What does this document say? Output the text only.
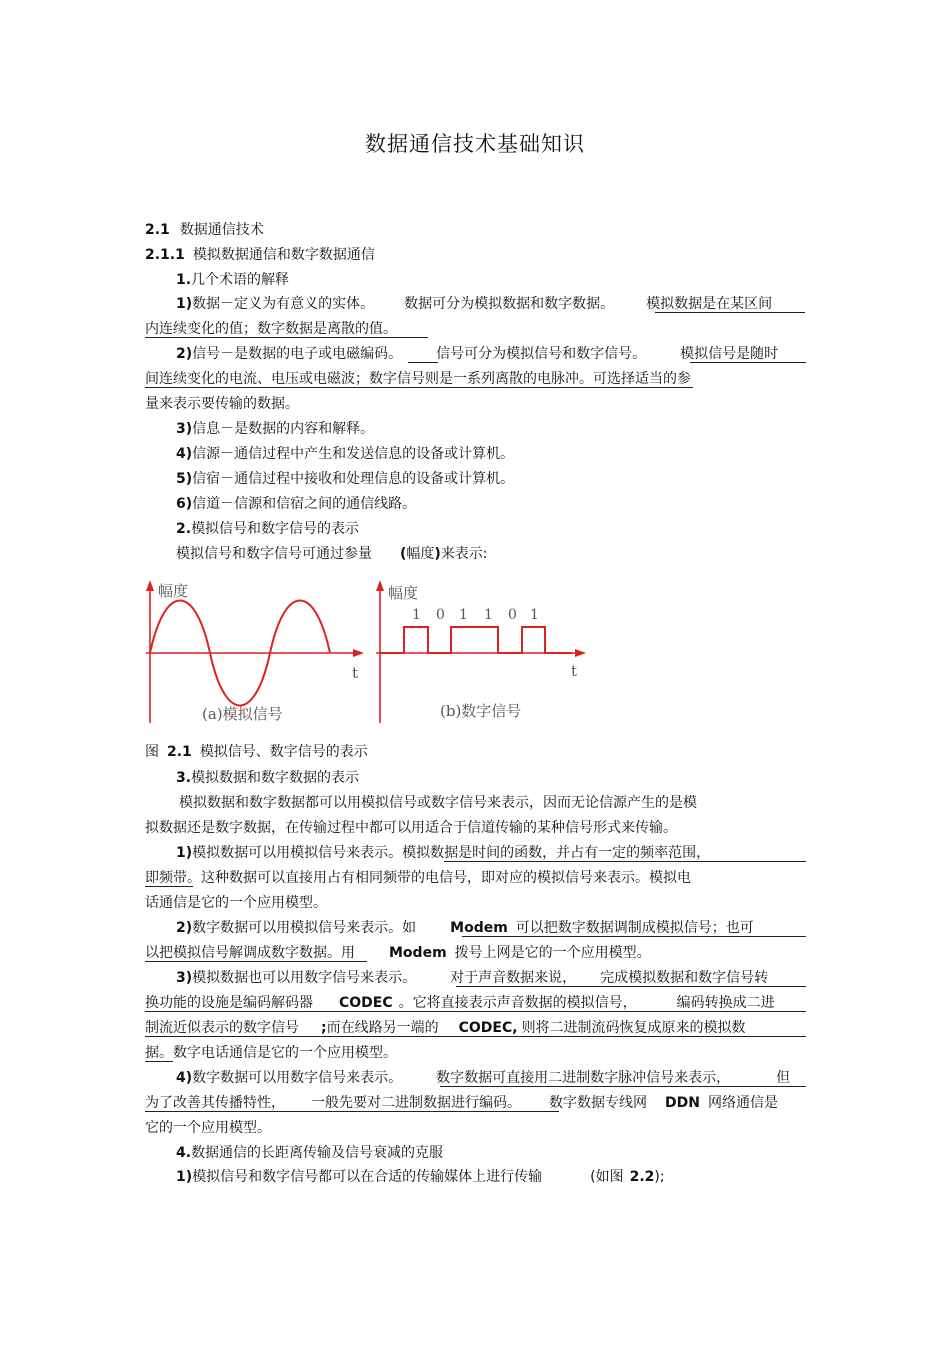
数据通信技术基础知识
2.1 数据通信技术
2.1.1 模拟数据通信和数字数据通信
1.几个术语的解释
1)数据－定义为有意义的实体。 数据可分为模拟数据和数字数据。 模拟数据是在某区间
内连续变化的值；数字数据是离散的值。
2)信号－是数据的电子或电磁编码。 信号可分为模拟信号和数字信号。 模拟信号是随时
间连续变化的电流、电压或电磁波；数字信号则是一系列离散的电脉冲。可选择适当的参
量来表示要传输的数据。
3)信息－是数据的内容和解释。
4)信源－通信过程中产生和发送信息的设备或计算机。
5)信宿－通信过程中接收和处理信息的设备或计算机。
6)信道－信源和信宿之间的通信线路。
2.模拟信号和数字信号的表示
模拟信号和数字信号可通过参量 (幅度)来表示:
幅度
t
(a)模拟信号
1 0 1 1 0 1
幅度
t
(b)数字信号
图 2.1 模拟信号、数字信号的表示
3.模拟数据和数字数据的表示
模拟数据和数字数据都可以用模拟信号或数字信号来表示，因而无论信源产生的是模
拟数据还是数字数据，在传输过程中都可以用适合于信道传输的某种信号形式来传输。
1)模拟数据可以用模拟信号来表示。模拟数据是时间的函数，并占有一定的频率范围，
即频带。这种数据可以直接用占有相同频带的电信号，即对应的模拟信号来表示。模拟电
话通信是它的一个应用模型。
2)数字数据可以用模拟信号来表示。如 Modem 可以把数字数据调制成模拟信号；也可
以把模拟信号解调成数字数据。用 Modem 拨号上网是它的一个应用模型。
3)模拟数据也可以用数字信号来表示。 对于声音数据来说， 完成模拟数据和数字信号转
换功能的设施是编码解码器 CODEC 。它将直接表示声音数据的模拟信号，	编码转换成二进
制流近似表示的数字信号 ;而在线路另一端的 CODEC, 则将二进制流码恢复成原来的模拟数
据。数字电话通信是它的一个应用模型。
4)数字数据可以用数字信号来表示。 数字数据可直接用二进制数字脉冲信号来表示，	但
为了改善其传播特性， 一般先要对二进制数据进行编码。 数字数据专线网 DDN 网络通信是
它的一个应用模型。
4.数据通信的长距离传输及信号衰减的克服
1)模拟信号和数字信号都可以在合适的传输媒体上进行传输	(如图 2.2);
